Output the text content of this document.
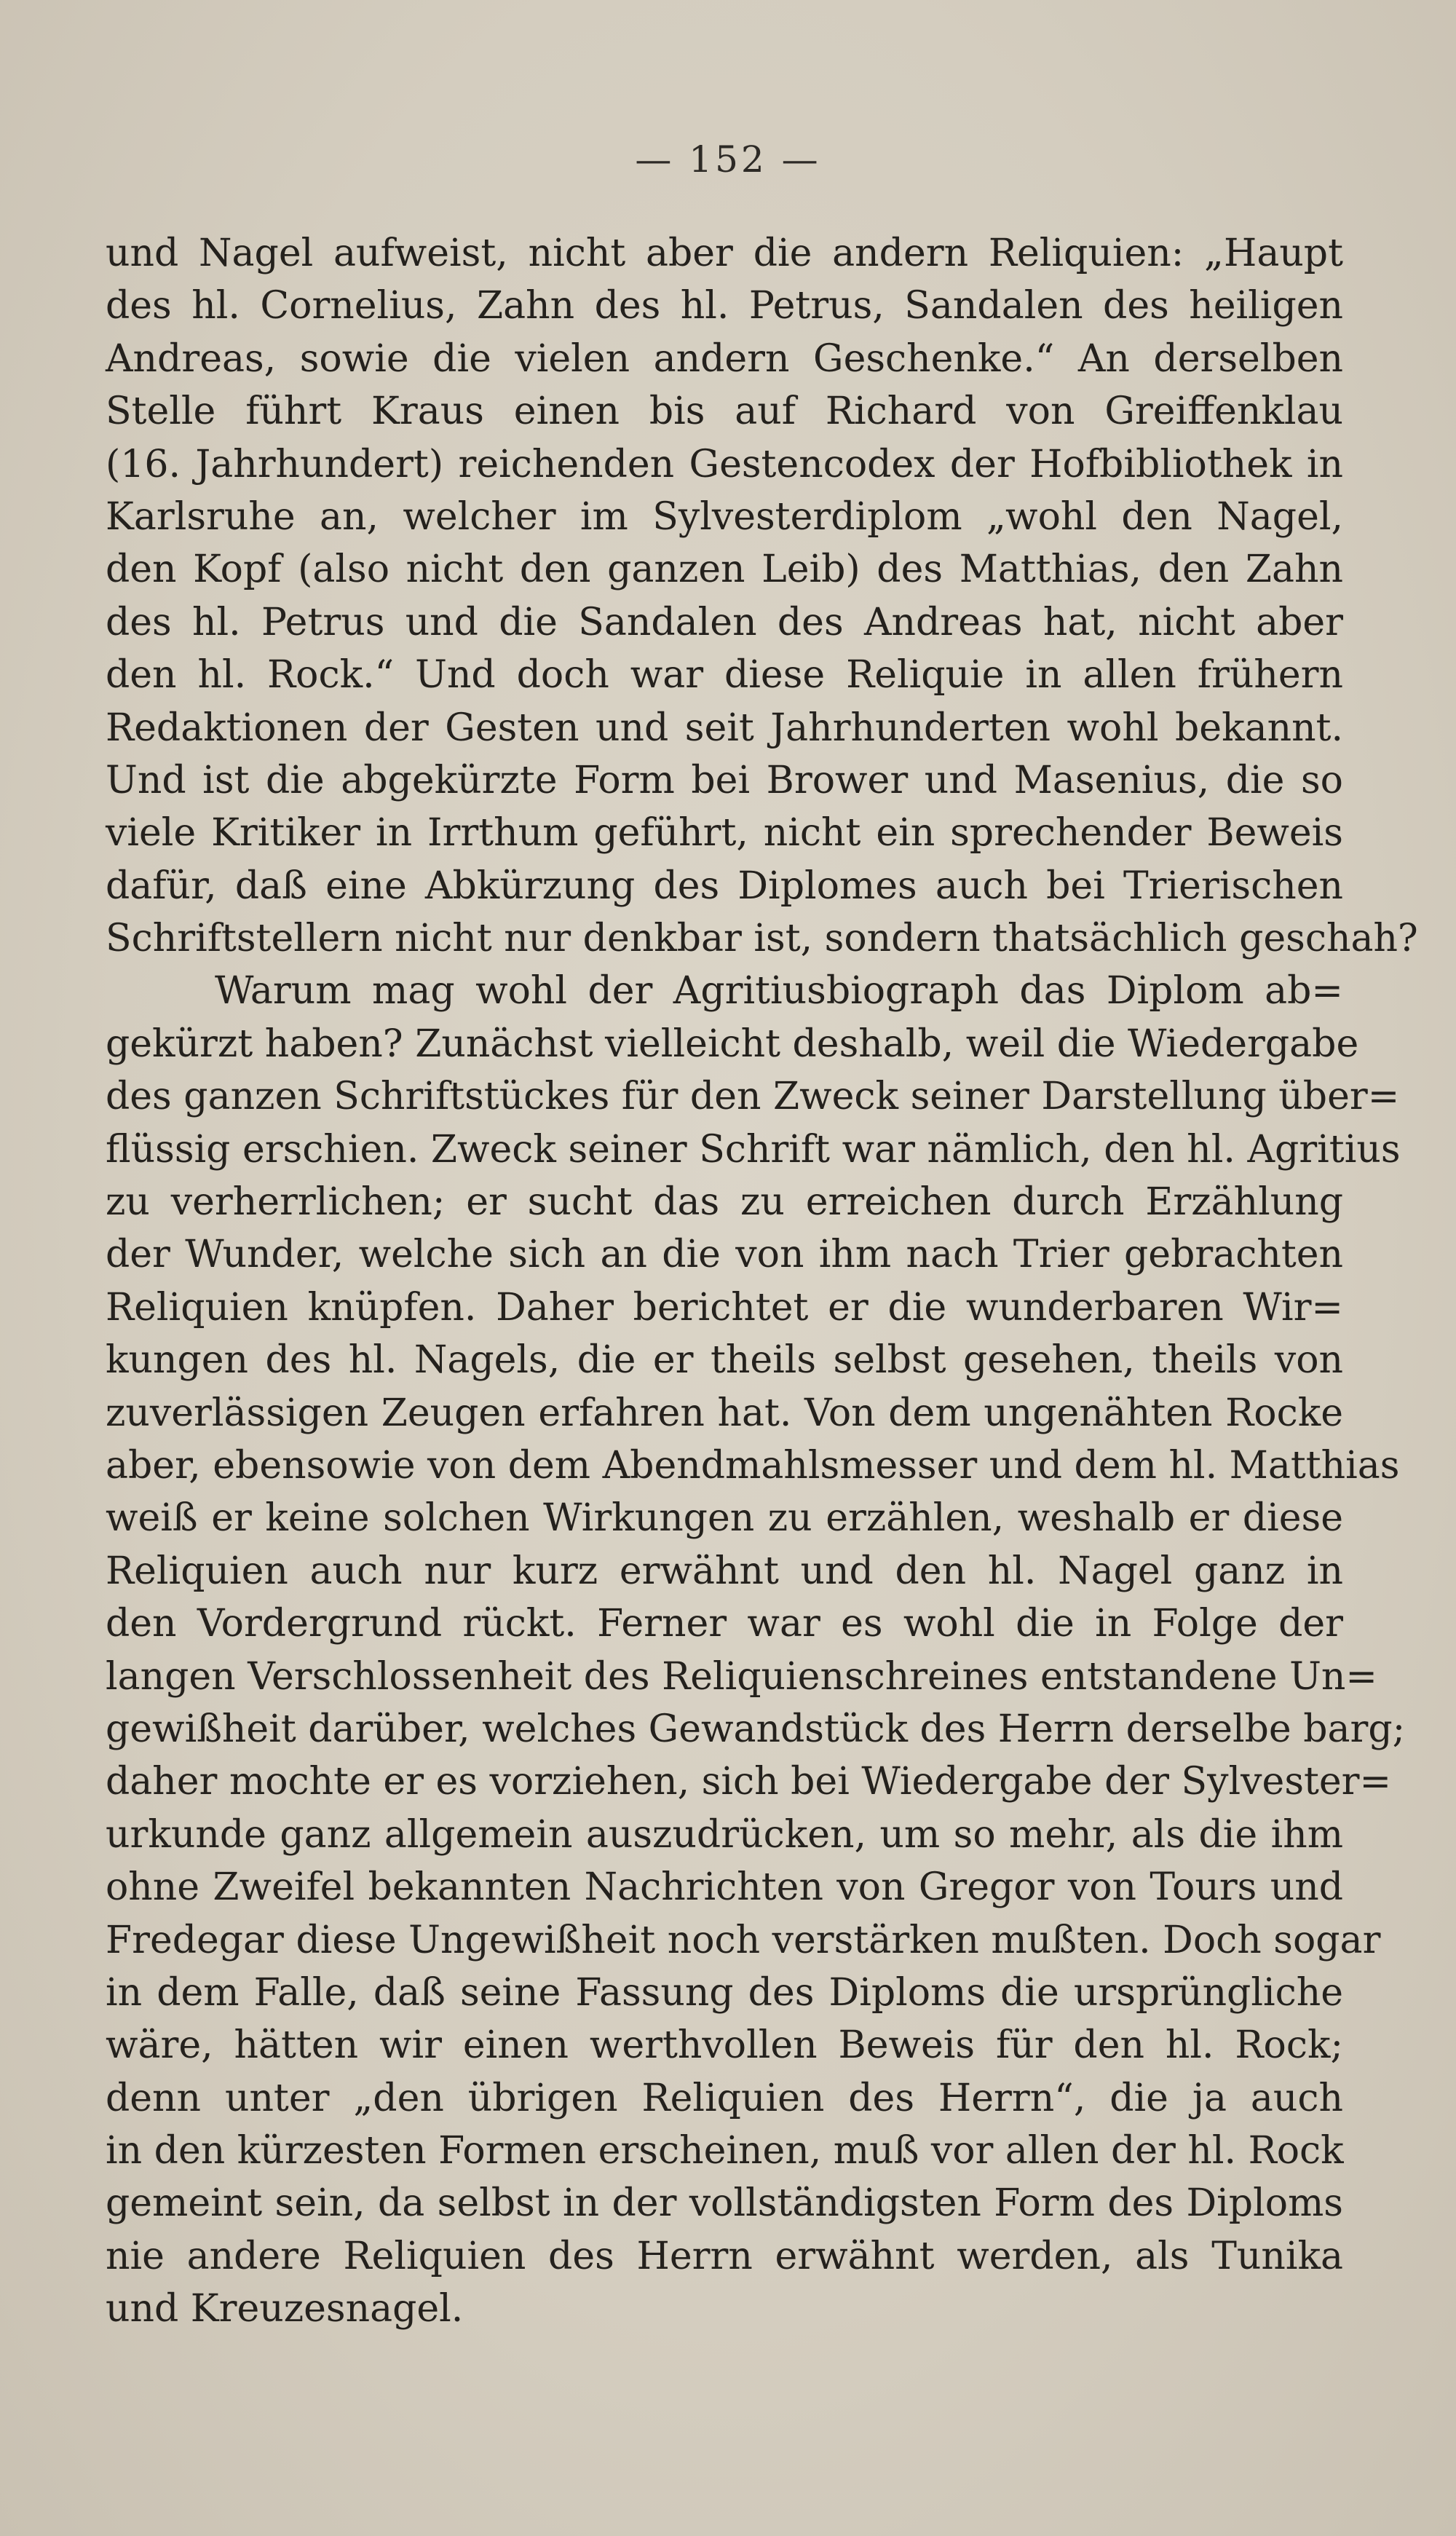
— 152 —
und Nagel aufweist, nicht aber die andern Reliquien: „Haupt
des hl. Cornelius, Zahn des hl. Petrus, Sandalen des heiligen
Andreas, sowie die vielen andern Geschenke.“ An derselben
Stelle führt Kraus einen bis auf Richard von Greiffenklau
(16. Jahrhundert) reichenden Gestencodex der Hofbibliothek in
Karlsruhe an, welcher im Sylvesterdiplom „wohl den Nagel,
den Kopf (also nicht den ganzen Leib) des Matthias, den Zahn
des hl. Petrus und die Sandalen des Andreas hat, nicht aber
den hl. Rock.“ Und doch war diese Reliquie in allen frühern
Redaktionen der Gesten und seit Jahrhunderten wohl bekannt.
Und ist die abgekürzte Form bei Brower und Masenius, die so
viele Kritiker in Irrthum geführt, nicht ein sprechender Beweis
dafür, daß eine Abkürzung des Diplomes auch bei Trierischen
Schriftstellern nicht nur denkbar ist, sondern thatsächlich geschah?
Warum mag wohl der Agritiusbiograph das Diplom ab=
gekürzt haben? Zunächst vielleicht deshalb, weil die Wiedergabe
des ganzen Schriftstückes für den Zweck seiner Darstellung über=
flüssig erschien. Zweck seiner Schrift war nämlich, den hl. Agritius
zu verherrlichen; er sucht das zu erreichen durch Erzählung
der Wunder, welche sich an die von ihm nach Trier gebrachten
Reliquien knüpfen. Daher berichtet er die wunderbaren Wir=
kungen des hl. Nagels, die er theils selbst gesehen, theils von
zuverlässigen Zeugen erfahren hat. Von dem ungenähten Rocke
aber, ebensowie von dem Abendmahlsmesser und dem hl. Matthias
weiß er keine solchen Wirkungen zu erzählen, weshalb er diese
Reliquien auch nur kurz erwähnt und den hl. Nagel ganz in
den Vordergrund rückt. Ferner war es wohl die in Folge der
langen Verschlossenheit des Reliquienschreines entstandene Un=
gewißheit darüber, welches Gewandstück des Herrn derselbe barg;
daher mochte er es vorziehen, sich bei Wiedergabe der Sylvester=
urkunde ganz allgemein auszudrücken, um so mehr, als die ihm
ohne Zweifel bekannten Nachrichten von Gregor von Tours und
Fredegar diese Ungewißheit noch verstärken mußten. Doch sogar
in dem Falle, daß seine Fassung des Diploms die ursprüngliche
wäre, hätten wir einen werthvollen Beweis für den hl. Rock;
denn unter „den übrigen Reliquien des Herrn“, die ja auch
in den kürzesten Formen erscheinen, muß vor allen der hl. Rock
gemeint sein, da selbst in der vollständigsten Form des Diploms
nie andere Reliquien des Herrn erwähnt werden, als Tunika
und Kreuzesnagel.
